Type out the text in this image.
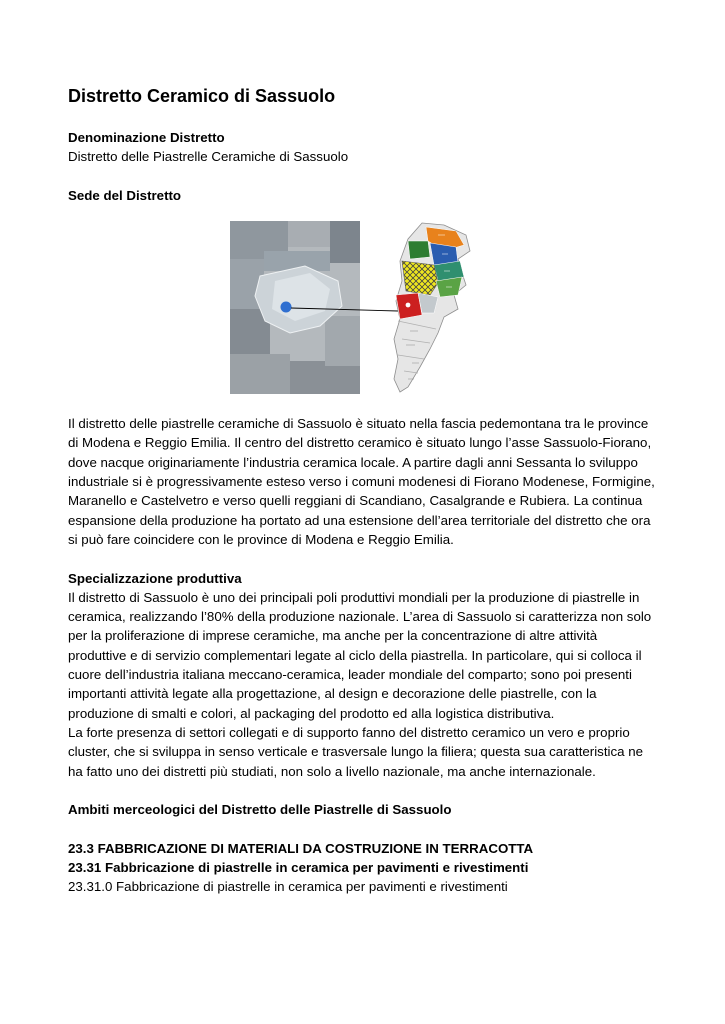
Distretto Ceramico di Sassuolo

Denominazione Distretto

Distretto delle Piastrelle Ceramiche di Sassuolo

Sede del Distretto

Il distretto delle piastrelle ceramiche di Sassuolo è situato nella fascia pedemontana tra le province di Modena e Reggio Emilia. Il centro del distretto ceramico è situato lungo l’asse Sassuolo-Fiorano, dove nacque originariamente l’industria ceramica locale. A partire dagli anni Sessanta lo sviluppo industriale si è progressivamente esteso verso i comuni modenesi di Fiorano Modenese, Formigine, Maranello e Castelvetro e verso quelli reggiani di Scandiano, Casalgrande e Rubiera. La continua espansione della produzione ha portato ad una estensione dell’area territoriale del distretto che ora si può fare coincidere con le province di Modena e Reggio Emilia.

Specializzazione produttiva

Il distretto di Sassuolo è uno dei principali poli produttivi mondiali per la produzione di piastrelle in ceramica, realizzando l’80% della produzione nazionale. L’area di Sassuolo si caratterizza non solo per la proliferazione di imprese ceramiche, ma anche per la concentrazione di altre attività produttive e di servizio complementari legate al ciclo della piastrella. In particolare, qui si colloca il cuore dell’industria italiana meccano-ceramica, leader mondiale del comparto; sono poi presenti importanti attività legate alla progettazione, al design e decorazione delle piastrelle, con la produzione di smalti e colori, al packaging del prodotto ed alla logistica distributiva.

La forte presenza di settori collegati e di supporto fanno del distretto ceramico un vero e proprio cluster, che si sviluppa in senso verticale e trasversale lungo la filiera; questa sua caratteristica ne ha fatto uno dei distretti più studiati, non solo a livello nazionale, ma anche internazionale.

Ambiti merceologici del Distretto delle Piastrelle di Sassuolo

23.3 FABBRICAZIONE DI MATERIALI DA COSTRUZIONE IN TERRACOTTA

23.31 Fabbricazione di piastrelle in ceramica per pavimenti e rivestimenti

23.31.0 Fabbricazione di piastrelle in ceramica per pavimenti e rivestimenti
